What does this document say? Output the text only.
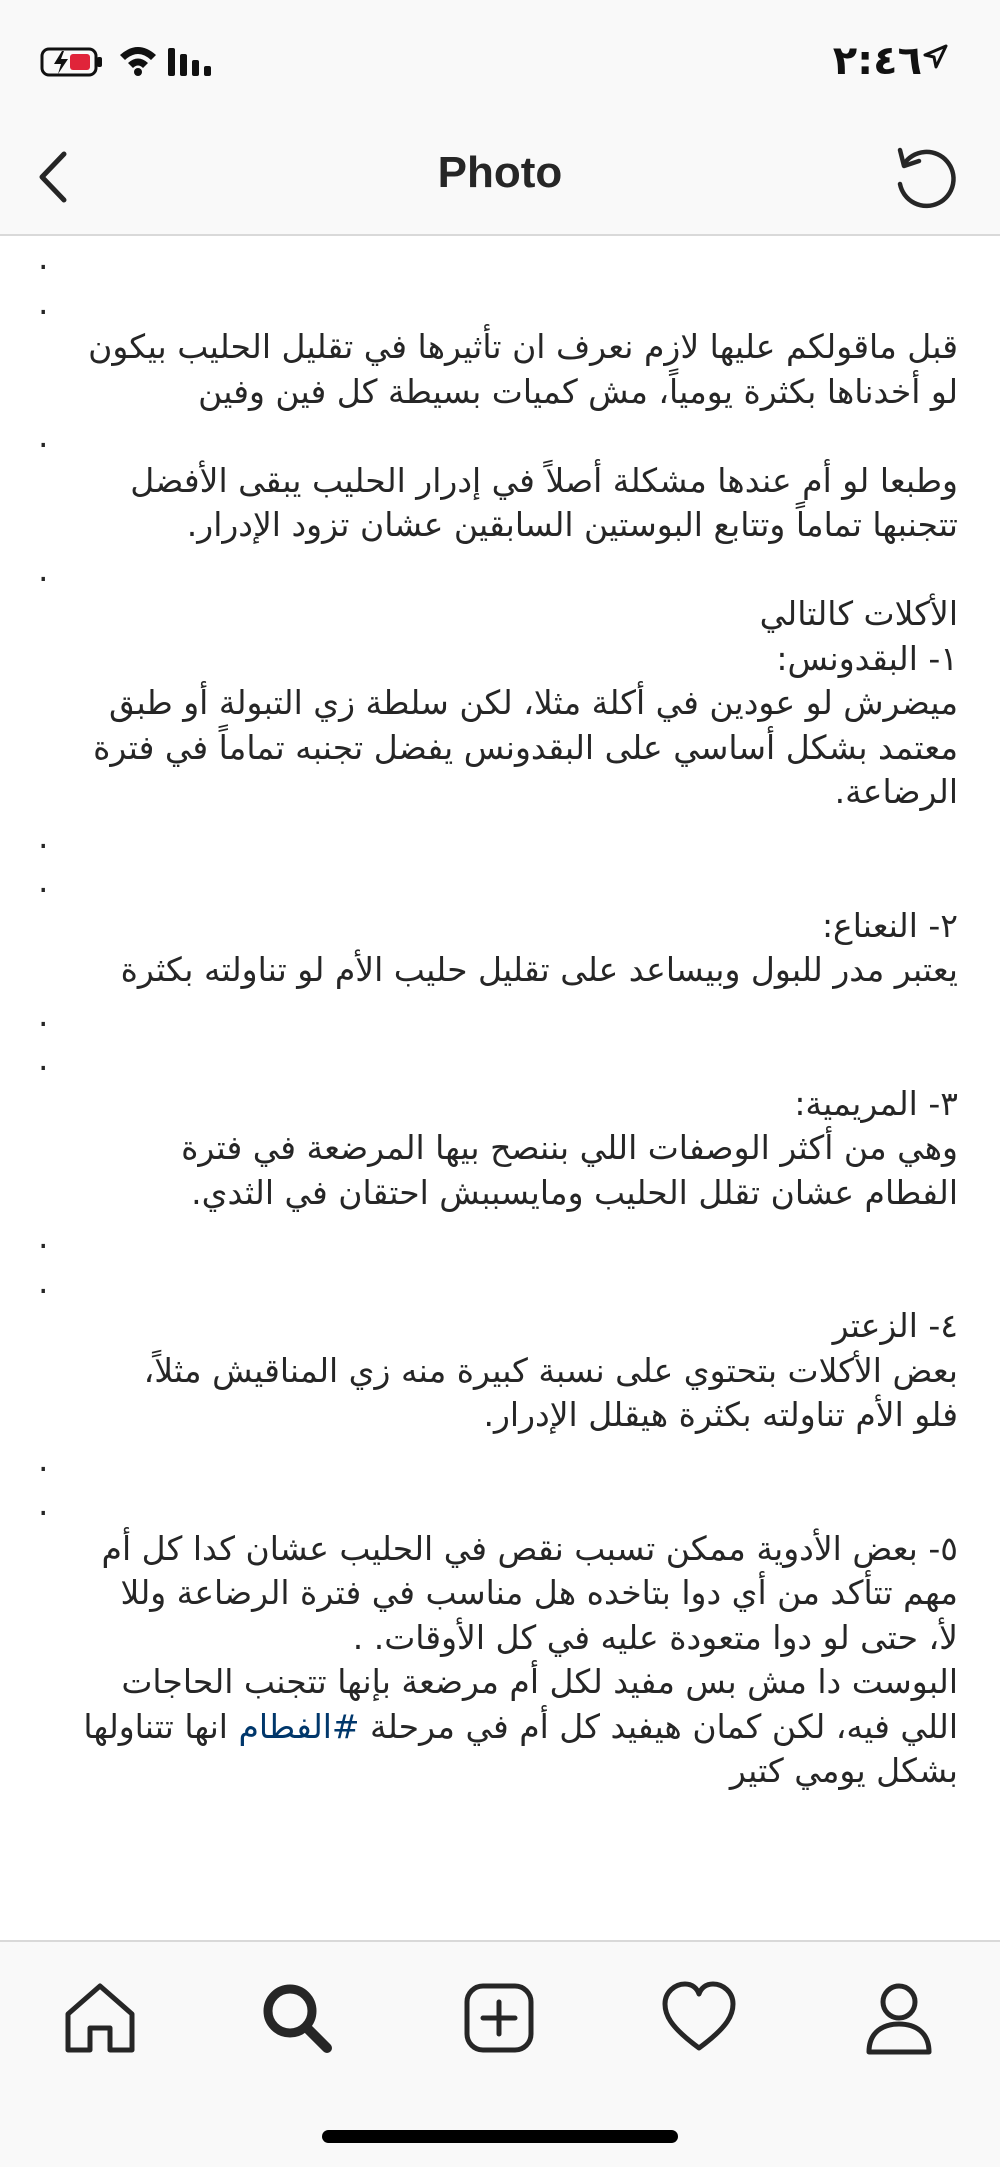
٢:٤٦
Photo
.
.
قبل ماقولكم عليها لازم نعرف ان تأثيرها في تقليل الحليب بيكون
لو أخدناها بكثرة يومياً، مش كميات بسيطة كل فين وفين
.
وطبعا لو أم عندها مشكلة أصلاً في إدرار الحليب يبقى الأفضل
تتجنبها تماماً وتتابع البوستين السابقين عشان تزود الإدرار.
.
الأكلات كالتالي
١- البقدونس:
ميضرش لو عودين في أكلة مثلا، لكن سلطة زي التبولة أو طبق
معتمد بشكل أساسي على البقدونس يفضل تجنبه تماماً في فترة
الرضاعة.
.
.
٢- النعناع:
يعتبر مدر للبول وبيساعد على تقليل حليب الأم لو تناولته بكثرة
.
.
٣- المريمية:
وهي من أكثر الوصفات اللي بننصح بيها المرضعة في فترة
الفطام عشان تقلل الحليب ومايسببش احتقان في الثدي.
.
.
٤- الزعتر
بعض الأكلات بتحتوي على نسبة كبيرة منه زي المناقيش مثلاً،
فلو الأم تناولته بكثرة هيقلل الإدرار.
.
.
٥- بعض الأدوية ممكن تسبب نقص في الحليب عشان كدا كل أم
مهم تتأكد من أي دوا بتاخده هل مناسب في فترة الرضاعة وللا
لأ، حتى لو دوا متعودة عليه في كل الأوقات. .
البوست دا مش بس مفيد لكل أم مرضعة بإنها تتجنب الحاجات
اللي فيه، لكن كمان هيفيد كل أم في مرحلة #الفطام انها تتناولها
بشكل يومي كتير
